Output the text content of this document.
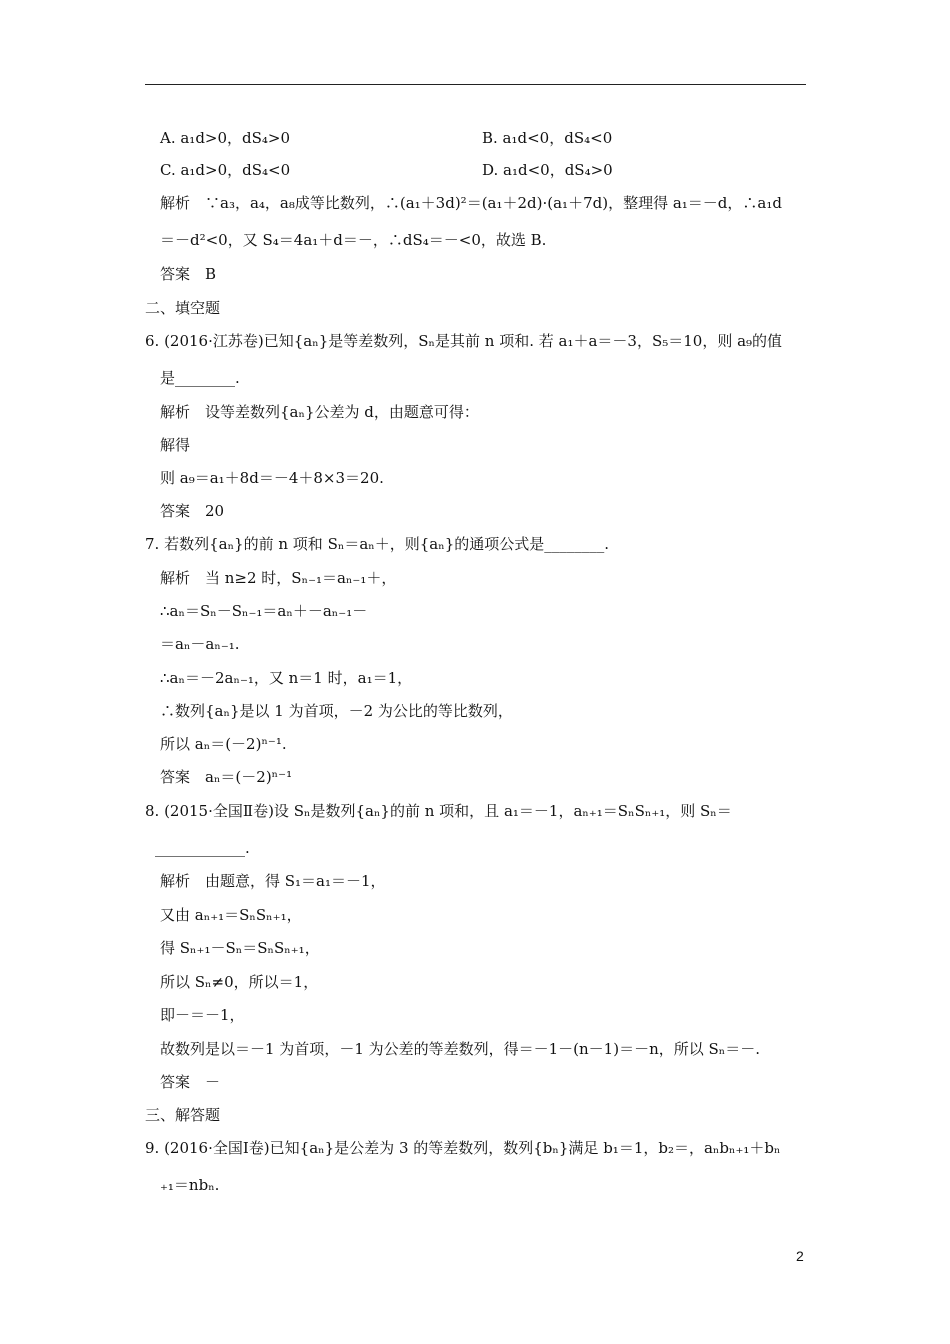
A. a₁d>0，dS₄>0	B. a₁d<0，dS₄<0
C. a₁d>0，dS₄<0	D. a₁d<0，dS₄>0
解析　∵a₃，a₄，a₈成等比数列，∴(a₁＋3d)²＝(a₁＋2d)·(a₁＋7d)，整理得 a₁＝－d，∴a₁d
＝－d²<0，又 S₄＝4a₁＋d＝－，∴dS₄＝－<0，故选 B.
答案　B
二、填空题
6. (2016·江苏卷)已知{aₙ}是等差数列，Sₙ是其前 n 项和. 若 a₁＋a＝－3，S₅＝10，则 a₉的值
是________.
解析　设等差数列{aₙ}公差为 d，由题意可得：
解得
则 a₉＝a₁＋8d＝－4＋8×3＝20.
答案　20
7. 若数列{aₙ}的前 n 项和 Sₙ＝aₙ＋，则{aₙ}的通项公式是________.
解析　当 n≥2 时，Sₙ₋₁＝aₙ₋₁＋，
∴aₙ＝Sₙ－Sₙ₋₁＝aₙ＋－aₙ₋₁－
＝aₙ－aₙ₋₁.
∴aₙ＝－2aₙ₋₁，又 n＝1 时，a₁＝1，
∴数列{aₙ}是以 1 为首项，－2 为公比的等比数列，
所以 aₙ＝(－2)ⁿ⁻¹.
答案　aₙ＝(－2)ⁿ⁻¹
8. (2015·全国Ⅱ卷)设 Sₙ是数列{aₙ}的前 n 项和，且 a₁＝－1，aₙ₊₁＝SₙSₙ₊₁，则 Sₙ＝
____________.
解析　由题意，得 S₁＝a₁＝－1，
又由 aₙ₊₁＝SₙSₙ₊₁，
得 Sₙ₊₁－Sₙ＝SₙSₙ₊₁，
所以 Sₙ≠0，所以＝1，
即－＝－1，
故数列是以＝－1 为首项，－1 为公差的等差数列，得＝－1－(n－1)＝－n，所以 Sₙ＝－.
答案　－
三、解答题
9. (2016·全国Ⅰ卷)已知{aₙ}是公差为 3 的等差数列，数列{bₙ}满足 b₁＝1，b₂＝，aₙbₙ₊₁＋bₙ
₊₁＝nbₙ.
2
